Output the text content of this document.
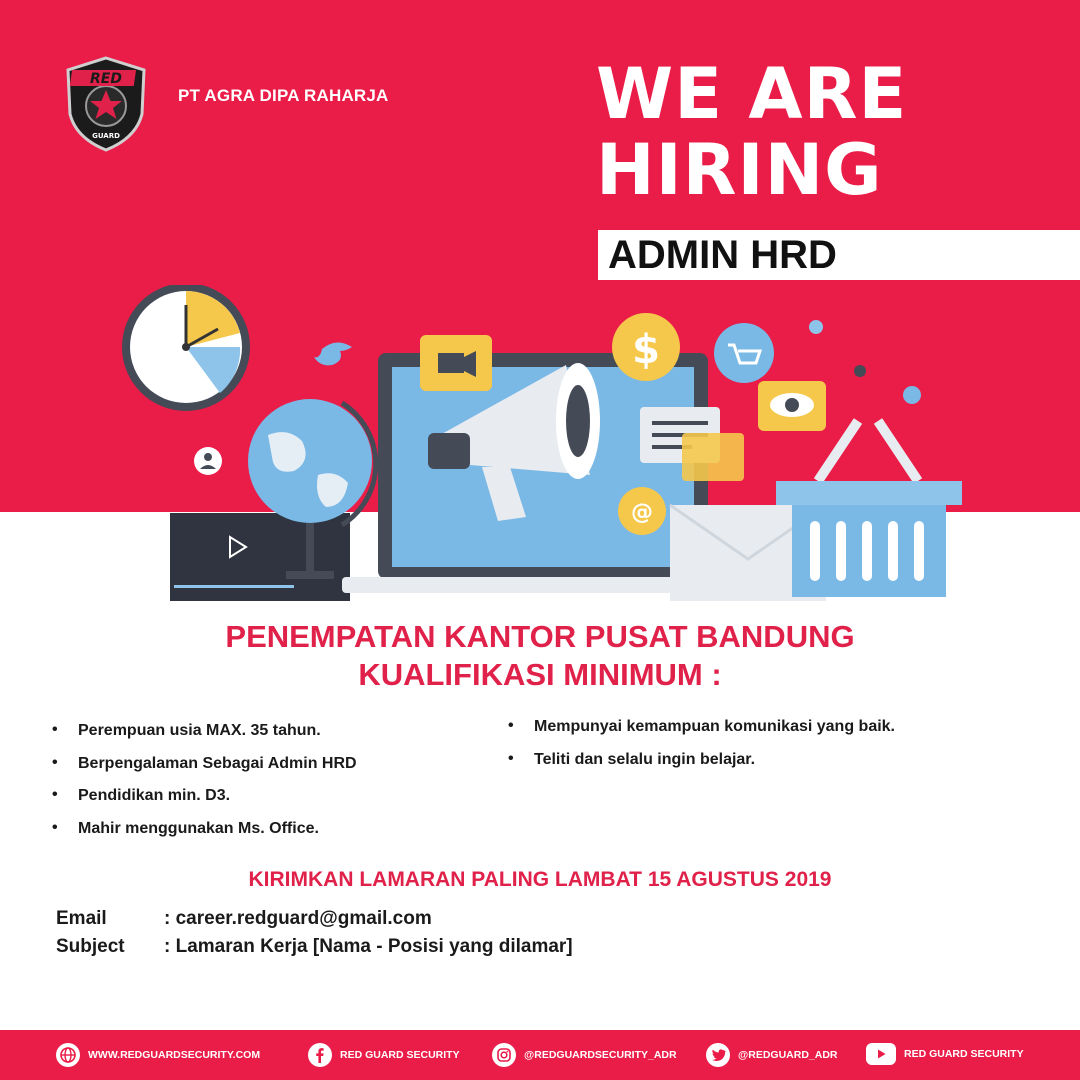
RED
GUARD
PT AGRA DIPA RAHARJA	WE ARE
HIRING
ADMIN HRD
$
@
PENEMPATAN KANTOR PUSAT BANDUNG
KUALIFIKASI MINIMUM :
• Perempuan usia MAX. 35 tahun.
• Berpengalaman Sebagai Admin HRD
• Pendidikan min. D3.
• Mahir menggunakan Ms. Office.
• Mempunyai kemampuan komunikasi yang baik.
• Teliti dan selalu ingin belajar.
KIRIMKAN LAMARAN PALING LAMBAT 15 AGUSTUS 2019
Email	: career.redguard@gmail.com
Subject : Lamaran Kerja [Nama - Posisi yang dilamar]
WWW.REDGUARDSECURITY.COM	RED GUARD SECURITY	@REDGUARDSECURITY_ADR	@REDGUARD_ADR	RED GUARD SECURITY
